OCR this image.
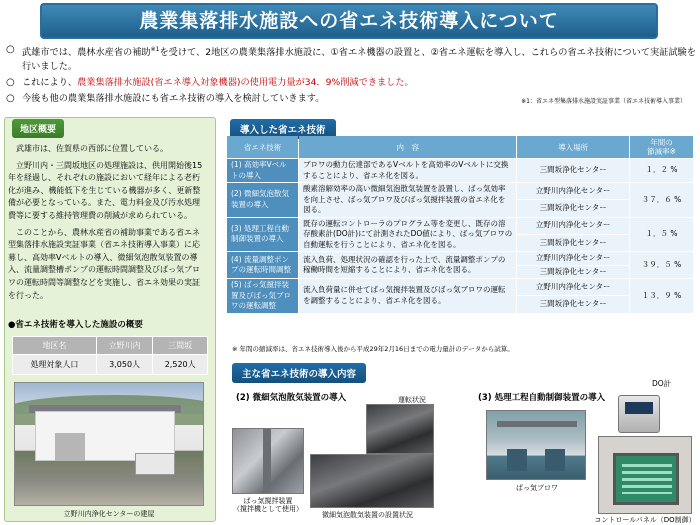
農業集落排水施設への省エネ技術導入について
○ 武雄市では、農林水産省の補助$^{※1}$を受けて、2地区の農業集落排水施設に、①省エネ機器の設置と、②省エネ運転を導入し、これらの省エネ技術について実証試験を行いました。
○ これにより、農業集落排水施設(省エネ導入対象機器)の使用電力量が34．9%削減できました。
○ 今後も他の農業集落排水施設にも省エネ技術の導入を検討していきます。	※1：省エネ型集落排水施設実証事業（省エネ技術導入事業）
地区概要

武雄市は、佐賀県の西部に位置している。

立野川内・三間坂地区の処理施設は、供用開始後15年を経過し、それぞれの施設において経年による老朽化が進み、機能低下を生じている機器が多く、更新整備が必要となっている。また、電力料金及び汚水処理費等に要する維持管理費の削減が求められている。

このことから、農林水産省の補助事業である省エネ型集落排水施設実証事業（省エネ技術導入事業）に応募し、高効率Vベルトの導入、微細気泡散気装置の導入、流量調整槽ポンプの運転時間調整及びばっ気ブロワの運転時間等調整などを実施し、省エネ効果の実証を行った。

●省エネ技術を導入した施設の概要
地区名	立野川内	三間坂
処理対象人口	3,050人	2,520人
立野川内浄化センターの建屋
導入した省エネ技術
省エネ技術	内　容	導入場所	年間の
節減率※
(1) 高効率Vベルトの導入	ブロワの動力伝達部であるVベルトを高効率のVベルトに交換することにより、省エネ化を図る。	三間坂浄化センター	１．２ %
(2) 微細気泡散気装置の導入	酸素溶解効率の高い微細気泡散気装置を設置し、ばっ気効率を向上させ、ばっ気ブロワ及びばっ気撹拌装置の省エネ化を図る。	立野川内浄化センター	３７．６ %
		三間坂浄化センター	
(3) 処理工程自動制御装置の導入	既存の運転コントローラのプログラム等を変更し、既存の溶存酸素計(DO計)にて計測されたDO値により、ばっ気ブロワの自動運転を行うことにより、省エネ化を図る。	立野川内浄化センター	１．５ %
		三間坂浄化センター	
(4) 流量調整ポンプの運転時間調整	流入負荷、処理状況の確認を行った上で、流量調整ポンプの稼働時間を短縮することにより、省エネ化を図る。	立野川内浄化センター	３９．５ %
		三間坂浄化センター	
(5) ばっ気撹拌装置及びばっ気ブロワの運転調整	流入負荷量に併せてばっ気撹拌装置及びばっ気ブロワの運転を調整することにより、省エネ化を図る。	立野川内浄化センター	１３．９ %
		三間坂浄化センター	
※ 年間の縮減率は、省エネ技術導入後から平成29年2月16日までの電力量計のデータから試算。
主な省エネ技術の導入内容
(2) 微細気泡散気装置の導入	(3) 処理工程自動制御装置の導入
運転状況
ばっ気撹拌装置
（撹拌機として使用）
微細気泡散気装置の設置状況
ばっ気ブロワ
DO計
コントロールパネル（DO制御）
